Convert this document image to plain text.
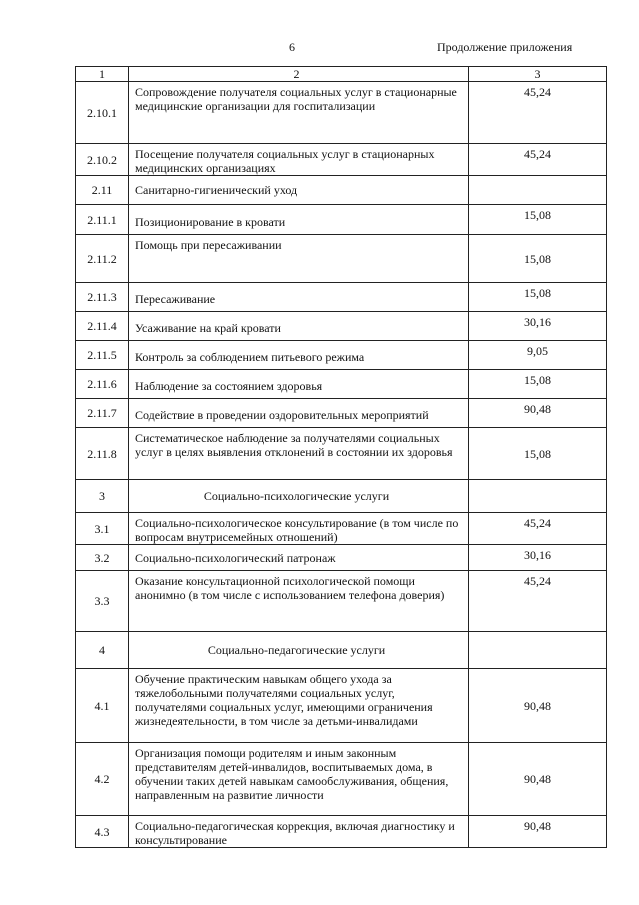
6	Продолжение приложения
1	2	3
2.10.1	Сопровождение получателя социальных услуг в стационарные медицинские организации для госпитализации	45,24
2.10.2	Посещение получателя социальных услуг в стационарных медицинских организациях	45,24
2.11	Санитарно-гигиенический уход	
2.11.1	Позиционирование в кровати	15,08
2.11.2	Помощь при пересаживании	15,08
2.11.3	Пересаживание	15,08
2.11.4	Усаживание на край кровати	30,16
2.11.5	Контроль за соблюдением питьевого режима	9,05
2.11.6	Наблюдение за состоянием здоровья	15,08
2.11.7	Содействие в проведении оздоровительных мероприятий	90,48
2.11.8	Систематическое наблюдение за получателями социальных услуг в целях выявления отклонений в состоянии их здоровья	15,08
3	Социально-психологические услуги	
3.1	Социально-психологическое консультирование (в том числе по вопросам внутрисемейных отношений)	45,24
3.2	Социально-психологический патронаж	30,16
3.3	Оказание консультационной психологической помощи анонимно (в том числе с использованием телефона доверия)	45,24
4	Социально-педагогические услуги	
4.1	Обучение практическим навыкам общего ухода за тяжелобольными получателями социальных услуг, получателями социальных услуг, имеющими ограничения жизнедеятельности, в том числе за детьми-инвалидами	90,48
4.2	Организация помощи родителям и иным законным представителям детей-инвалидов, воспитываемых дома, в обучении таких детей навыкам самообслуживания, общения, направленным на развитие личности	90,48
4.3	Социально-педагогическая коррекция, включая диагностику и консультирование	90,48
